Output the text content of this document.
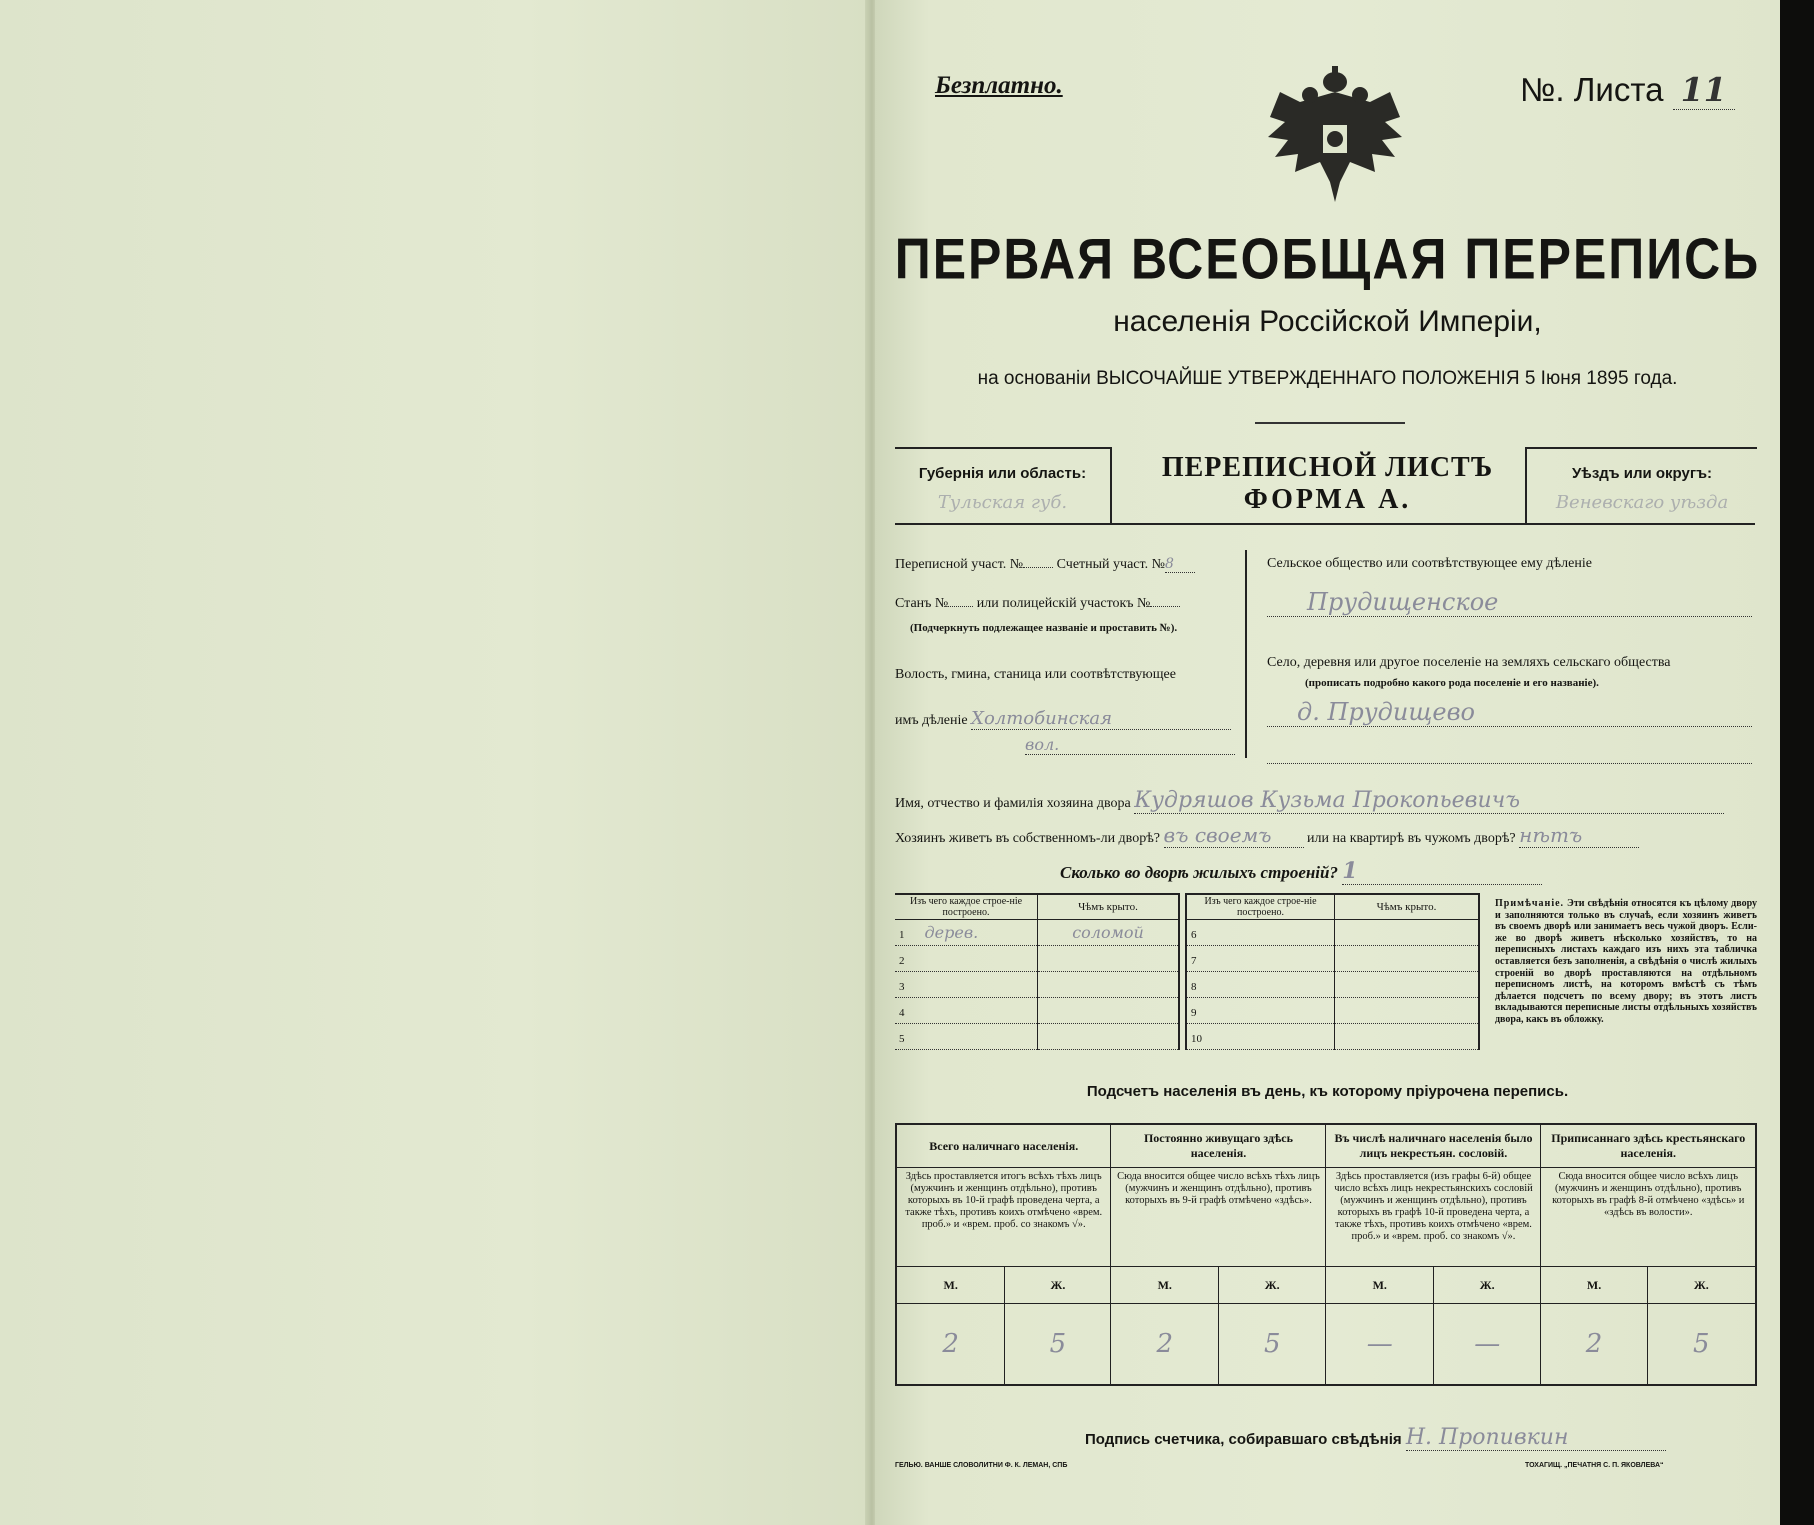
Безплатно.	№. Листа 11
ПЕРВАЯ ВСЕОБЩАЯ ПЕРЕПИСЬ
населенія Россійской Имперіи,
на основаніи ВЫСОЧАЙШЕ УТВЕРЖДЕННАГО ПОЛОЖЕНІЯ 5 Іюня 1895 года.
Губернія или область:
Тульская губ.
ПЕРЕПИСНОЙ ЛИСТЪ
ФОРМА А.
Уѣздъ или округъ:
Веневскаго уѣзда
Переписной участ. № Счетный участ. №8
Станъ № или полицейскій участокъ №
(Подчеркнуть подлежащее названіе и проставить №).
Волость, гмина, станица или соотвѣтствующее
имъ дѣленіе Холтобинская
вол.
Сельское общество или соотвѣтствующее ему дѣленіе
Прудищенское
Село, деревня или другое поселеніе на земляхъ сельскаго общества
(прописать подробно какого рода поселеніе и его названіе).
д. Прудищево
Имя, отчество и фамилія хозяина двора Кудряшов Кузьма Прокопьевичъ
Хозяинъ живетъ въ собственномъ-ли дворѣ? въ своемъ	или на квартирѣ въ чужомъ дворѣ? нѣтъ
Сколько во дворѣ жилыхъ строеній? 1
Изъ чего каждое строе-ніе построено.	Чѣмъ крыто.
1 дерев.	соломой
2	
3	
4	
5	
Изъ чего каждое строе-ніе построено.	Чѣмъ крыто.
6	
7	
8	
9	
10	
Примѣчаніе. Эти свѣдѣнія относятся къ цѣлому двору и заполняются только въ случаѣ, если хозяинъ живетъ въ своемъ дворѣ или занимаетъ весь чужой дворъ. Если-же во дворѣ живетъ нѣсколько хозяйствъ, то на переписныхъ листахъ каждаго изъ нихъ эта табличка оставляется безъ заполненія, а свѣдѣнія о числѣ жилыхъ строеній во дворѣ проставляются на отдѣльномъ переписномъ листѣ, на которомъ вмѣстѣ съ тѣмъ дѣлается подсчетъ по всему двору; въ этотъ листъ вкладываются переписные листы отдѣльныхъ хозяйствъ двора, какъ въ обложку.
Подсчетъ населенія въ день, къ которому пріурочена перепись.
Всего наличнаго населенія.		Постоянно живущаго здѣсь населенія.		Въ числѣ наличнаго населенія было лицъ некрестьян. сословій.		Приписаннаго здѣсь крестьянскаго населенія.	
Здѣсь проставляется итогъ всѣхъ тѣхъ лицъ (мужчинъ и женщинъ отдѣльно), противъ которыхъ въ 10-й графѣ проведена черта, а также тѣхъ, противъ коихъ отмѣчено «врем. проб.» и «врем. проб. со знакомъ √».		Сюда вносится общее число всѣхъ тѣхъ лицъ (мужчинъ и женщинъ отдѣльно), противъ которыхъ въ 9-й графѣ отмѣчено «здѣсь».		Здѣсь проставляется (изъ графы 6-й) общее число всѣхъ лицъ некрестьянскихъ сословій (мужчинъ и женщинъ отдѣльно), противъ которыхъ въ графѣ 10-й проведена черта, а также тѣхъ, противъ коихъ отмѣчено «врем. проб.» и «врем. проб. со знакомъ √».		Сюда вносится общее число всѣхъ лицъ (мужчинъ и женщинъ отдѣльно), противъ которыхъ въ графѣ 8-й отмѣчено «здѣсь» и «здѣсь въ волости».	
М.	Ж.	М.	Ж.	М.	Ж.	М.	Ж.
2	5	2	5	—	—	2	5
Подпись счетчика, собиравшаго свѣдѣнія Н. Пропивкин
ГЕЛЬЮ. ВАНШЕ СЛОВОЛИТНИ Ф. К. ЛЕМАН, СПБ	ТОХАГИЩ. „ПЕЧАТНЯ С. П. ЯКОВЛЕВА“
